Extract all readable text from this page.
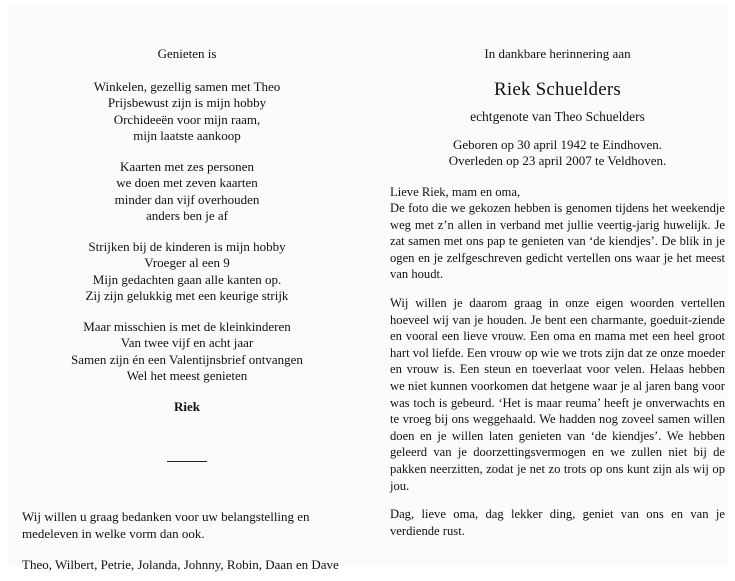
Genieten is
Winkelen, gezellig samen met Theo
Prijsbewust zijn is mijn hobby
Orchideeën voor mijn raam,
mijn laatste aankoop
Kaarten met zes personen
we doen met zeven kaarten
minder dan vijf overhouden
anders ben je af
Strijken bij de kinderen is mijn hobby
Vroeger al een 9
Mijn gedachten gaan alle kanten op.
Zij zijn gelukkig met een keurige strijk
Maar misschien is met de kleinkinderen
Van twee vijf en acht jaar
Samen zijn én een Valentijnsbrief ontvangen
Wel het meest genieten
Riek
Wij willen u graag bedanken voor uw belangstelling en medeleven in welke vorm dan ook.
Theo, Wilbert, Petrie, Jolanda, Johnny, Robin, Daan en Dave
In dankbare herinnering aan
Riek Schuelders
echtgenote van Theo Schuelders
Geboren op 30 april 1942 te Eindhoven.
Overleden op 23 april 2007 te Veldhoven.
Lieve Riek, mam en oma,
De foto die we gekozen hebben is genomen tijdens het weekendje weg met z’n allen in verband met jullie veertig-jarig huwelijk. Je zat samen met ons pap te genieten van ‘de kiendjes’. De blik in je ogen en je zelfgeschreven gedicht vertellen ons waar je het meest van houdt.
Wij willen je daarom graag in onze eigen woorden vertellen hoeveel wij van je houden. Je bent een charmante, goeduit-ziende en vooral een lieve vrouw. Een oma en mama met een heel groot hart vol liefde. Een vrouw op wie we trots zijn dat ze onze moeder en vrouw is. Een steun en toeverlaat voor velen. Helaas hebben we niet kunnen voorkomen dat hetgene waar je al jaren bang voor was toch is gebeurd. ‘Het is maar reuma’ heeft je onverwachts en te vroeg bij ons weggehaald. We hadden nog zoveel samen willen doen en je willen laten genieten van ‘de kiendjes’. We hebben geleerd van je doorzettingsvermogen en we zullen niet bij de pakken neerzitten, zodat je net zo trots op ons kunt zijn als wij op jou.
Dag, lieve oma, dag lekker ding, geniet van ons en van je verdiende rust.
